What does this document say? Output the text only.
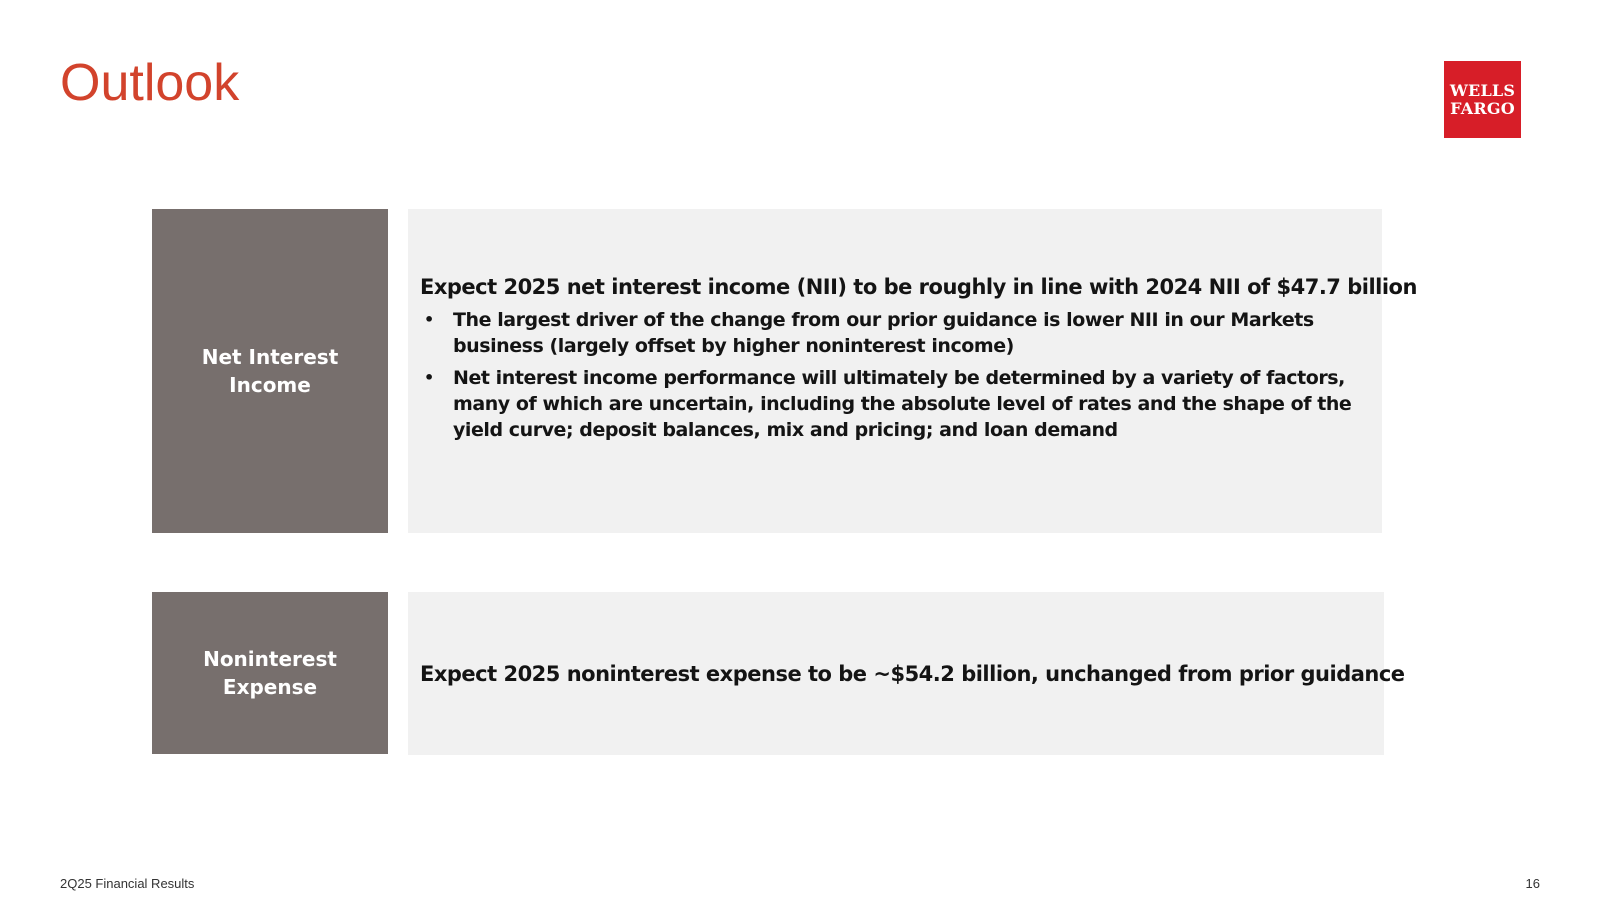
Outlook	WELLS
FARGO
Net Interest Income

Expect 2025 net interest income (NII) to be roughly in line with 2024 NII of $47.7 billion

• The largest driver of the change from our prior guidance is lower NII in our Markets business (largely offset by higher noninterest income)
• Net interest income performance will ultimately be determined by a variety of factors, many of which are uncertain, including the absolute level of rates and the shape of the yield curve; deposit balances, mix and pricing; and loan demand
Noninterest Expense

Expect 2025 noninterest expense to be ~$54.2 billion, unchanged from prior guidance

2Q25 Financial Results	16
